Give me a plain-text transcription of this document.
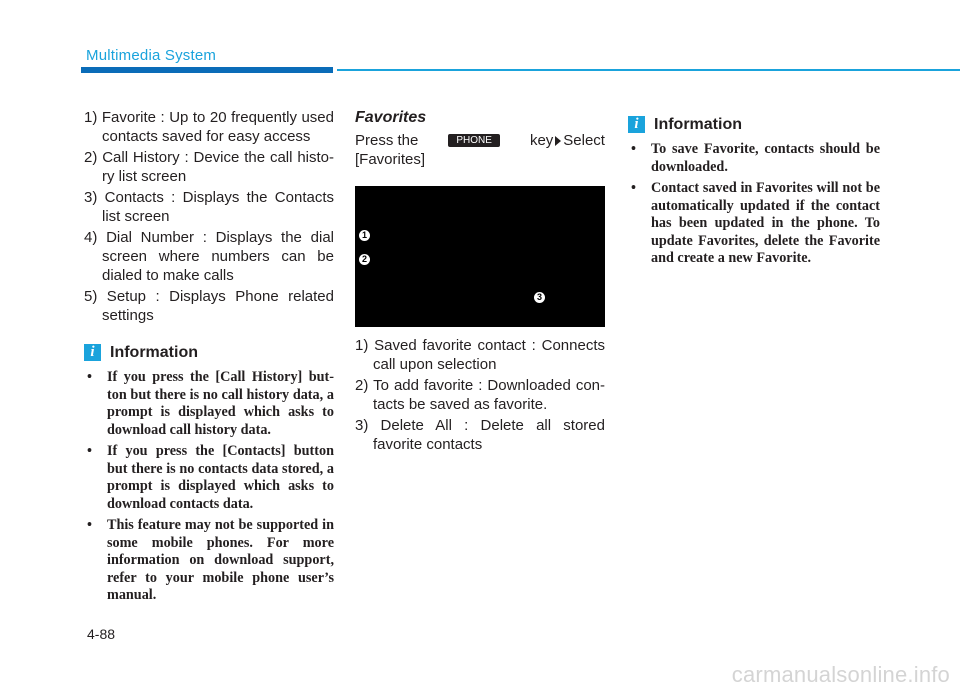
Multimedia System
1) Favorite : Up to 20 frequently used contacts saved for easy access
2) Call History : Device the call histo- ry list screen
3) Contacts : Displays the Contacts list screen
4) Dial Number : Displays the dial screen where numbers can be dialed to make calls
5) Setup : Displays Phone related settings
i Information
• If you press the [Call History] but- ton but there is no call history data, a prompt is displayed which asks to download call history data.
• If you press the [Contacts] button but there is no contacts data stored, a prompt is displayed which asks to download contacts data.
• This feature may not be supported in some mobile phones. For more information on download support, refer to your mobile phone user’s manual.
Favorites
Press the	PHONE	key Select
[Favorites]
1
2
3
1) Saved favorite contact : Connects call upon selection
2) To add favorite : Downloaded con- tacts be saved as favorite.
3) Delete All : Delete all stored favorite contacts
i Information
• To save Favorite, contacts should be downloaded.
• Contact saved in Favorites will not be automatically updated if the contact has been updated in the phone. To update Favorites, delete the Favorite and create a new Favorite.
4-88
carmanualsonline.info
